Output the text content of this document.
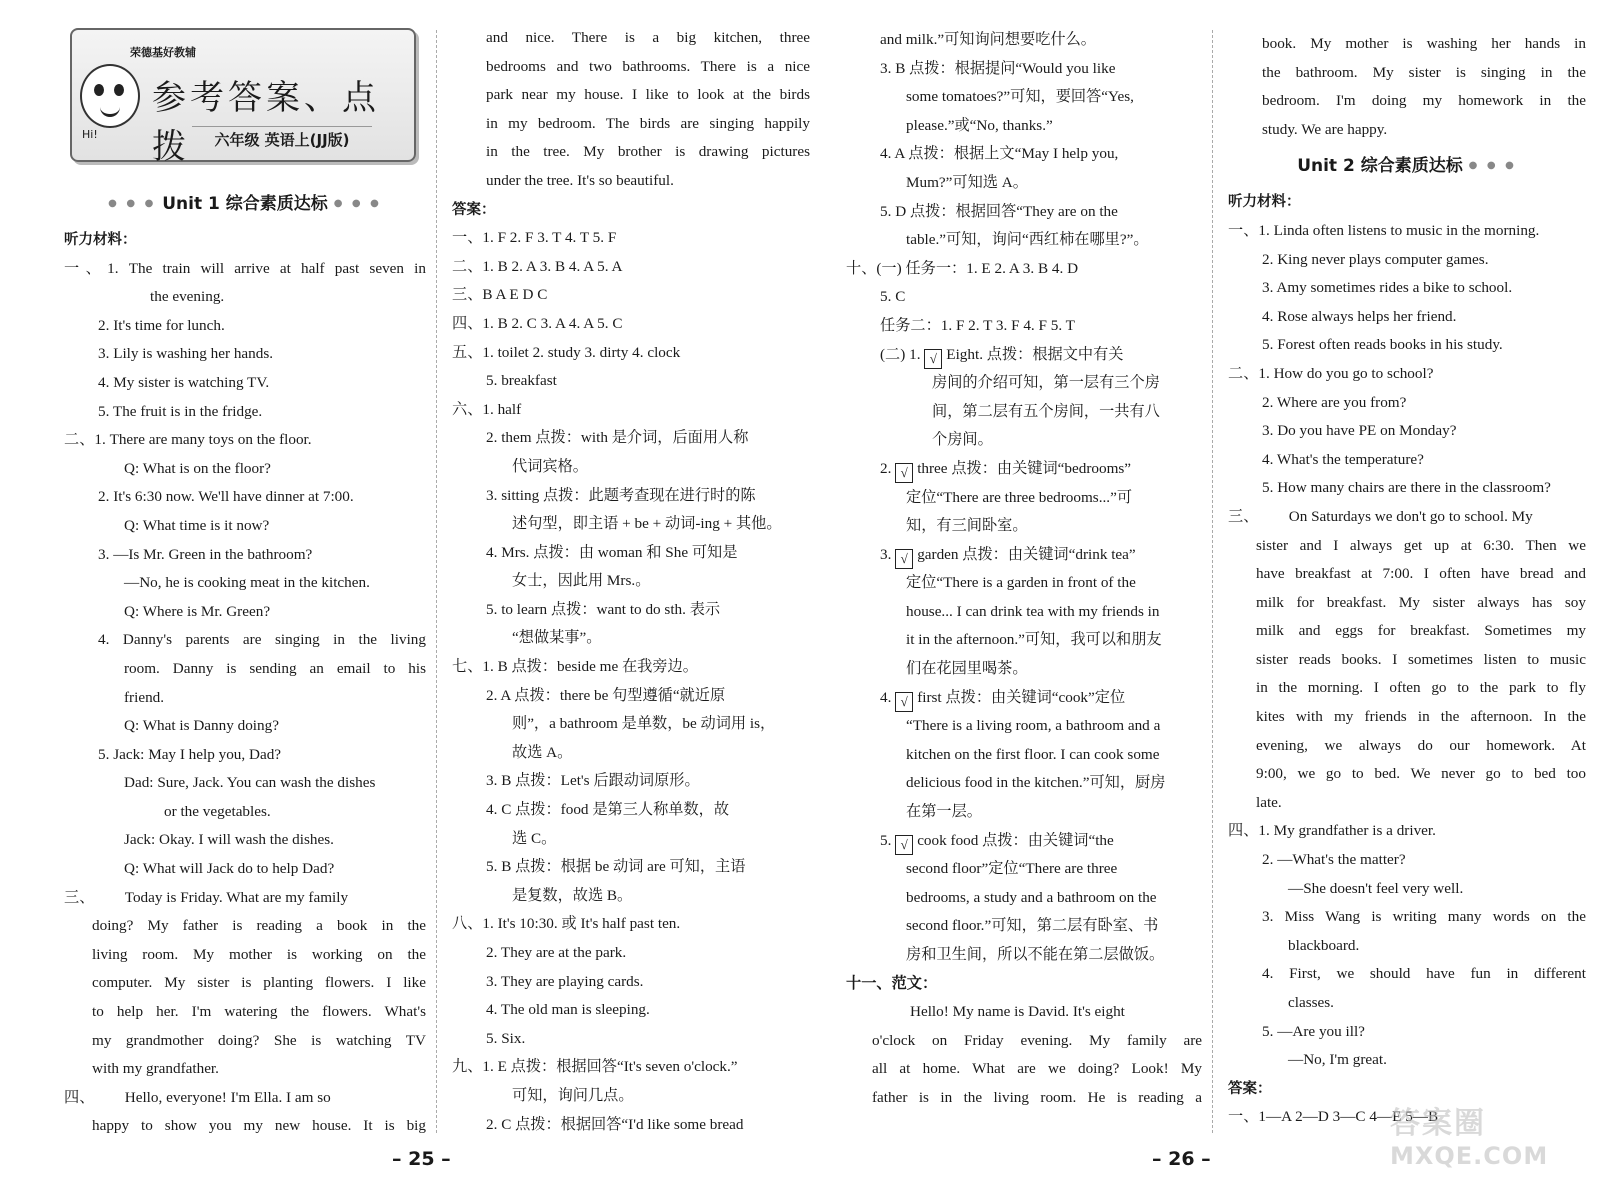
荣德基好教辅
参考答案、点拨	六年级 英语上(JJ版)
Hi!
● ● ● Unit 1 综合素质达标 ● ● ●
听力材料：
一、1. The train will arrive at half past seven in
the evening.
2. It's time for lunch.
3. Lily is washing her hands.
4. My sister is watching TV.
5. The fruit is in the fridge.
二、1. There are many toys on the floor.
Q: What is on the floor?
2. It's 6:30 now. We'll have dinner at 7:00.
Q: What time is it now?
3. —Is Mr. Green in the bathroom?
—No, he is cooking meat in the kitchen.
Q: Where is Mr. Green?
4. Danny's parents are singing in the living
room. Danny is sending an email to his
friend.
Q: What is Danny doing?
5. Jack: May I help you, Dad?
Dad: Sure, Jack. You can wash the dishes
or the vegetables.
Jack: Okay. I will wash the dishes.
Q: What will Jack do to help Dad?
三、        Today is Friday. What are my family
doing? My father is reading a book in the
living room. My mother is working on the
computer. My sister is planting flowers. I like
to help her. I'm watering the flowers. What's
my grandmother doing? She is watching TV
with my grandfather.
四、        Hello, everyone! I'm Ella. I am so
happy to show you my new house. It is big
and nice. There is a big kitchen, three
bedrooms and two bathrooms. There is a nice
park near my house. I like to look at the birds
in my bedroom. The birds are singing happily
in the tree. My brother is drawing pictures
under the tree. It's so beautiful.
答案：
一、1. F 2. F 3. T 4. T 5. F
二、1. B 2. A 3. B 4. A 5. A
三、B A E D C
四、1. B 2. C 3. A 4. A 5. C
五、1. toilet 2. study 3. dirty 4. clock
5. breakfast
六、1. half
2. them 点拨：with 是介词，后面用人称
代词宾格。
3. sitting 点拨：此题考查现在进行时的陈
述句型，即主语 + be + 动词-ing + 其他。
4. Mrs. 点拨：由 woman 和 She 可知是
女士，因此用 Mrs.。
5. to learn 点拨：want to do sth. 表示
“想做某事”。
七、1. B 点拨：beside me 在我旁边。
2. A 点拨：there be 句型遵循“就近原
则”，a bathroom 是单数，be 动词用 is，
故选 A。
3. B 点拨：Let's 后跟动词原形。
4. C 点拨：food 是第三人称单数，故
选 C。
5. B 点拨：根据 be 动词 are 可知，主语
是复数，故选 B。
八、1. It's 10:30. 或 It's half past ten.
2. They are at the park.
3. They are playing cards.
4. The old man is sleeping.
5. Six.
九、1. E 点拨：根据回答“It's seven o'clock.”
可知，询问几点。
2. C 点拨：根据回答“I'd like some bread
and milk.”可知询问想要吃什么。
3. B 点拨：根据提问“Would you like
some tomatoes?”可知，要回答“Yes,
please.”或“No, thanks.”
4. A 点拨：根据上文“May I help you,
Mum?”可知选 A。
5. D 点拨：根据回答“They are on the
table.”可知，询问“西红柿在哪里?”。
十、(一) 任务一：1. E 2. A 3. B 4. D
5. C
任务二：1. F 2. T 3. F 4. F 5. T
(二) 1. √ Eight. 点拨：根据文中有关
房间的介绍可知，第一层有三个房
间，第二层有五个房间，一共有八
个房间。
2. √ three 点拨：由关键词“bedrooms”
定位“There are three bedrooms...”可
知，有三间卧室。
3. √ garden 点拨：由关键词“drink tea”
定位“There is a garden in front of the
house... I can drink tea with my friends in
it in the afternoon.”可知，我可以和朋友
们在花园里喝茶。
4. √ first 点拨：由关键词“cook”定位
“There is a living room, a bathroom and a
kitchen on the first floor. I can cook some
delicious food in the kitchen.”可知，厨房
在第一层。
5. √ cook food 点拨：由关键词“the
second floor”定位“There are three
bedrooms, a study and a bathroom on the
second floor.”可知，第二层有卧室、书
房和卫生间，所以不能在第二层做饭。
十一、范文：
Hello! My name is David. It's eight
o'clock on Friday evening. My family are
all at home. What are we doing? Look! My
father is in the living room. He is reading a
book. My mother is washing her hands in
the bathroom. My sister is singing in the
bedroom. I'm doing my homework in the
study. We are happy.
Unit 2 综合素质达标 ● ● ●
听力材料：
一、1. Linda often listens to music in the morning.
2. King never plays computer games.
3. Amy sometimes rides a bike to school.
4. Rose always helps her friend.
5. Forest often reads books in his study.
二、1. How do you go to school?
2. Where are you from?
3. Do you have PE on Monday?
4. What's the temperature?
5. How many chairs are there in the classroom?
三、        On Saturdays we don't go to school. My
sister and I always get up at 6:30. Then we
have breakfast at 7:00. I often have bread and
milk for breakfast. My sister always has soy
milk and eggs for breakfast. Sometimes my
sister reads books. I sometimes listen to music
in the morning. I often go to the park to fly
kites with my friends in the afternoon. In the
evening, we always do our homework. At
9:00, we go to bed. We never go to bed too
late.
四、1. My grandfather is a driver.
2. —What's the matter?
—She doesn't feel very well.
3. Miss Wang is writing many words on the
blackboard.
4. First, we should have fun in different
classes.
5. —Are you ill?
—No, I'm great.
答案：
一、1—A 2—D 3—C 4—E 5—B
– 25 –	– 26 –
答案圈
MXQE.COM
